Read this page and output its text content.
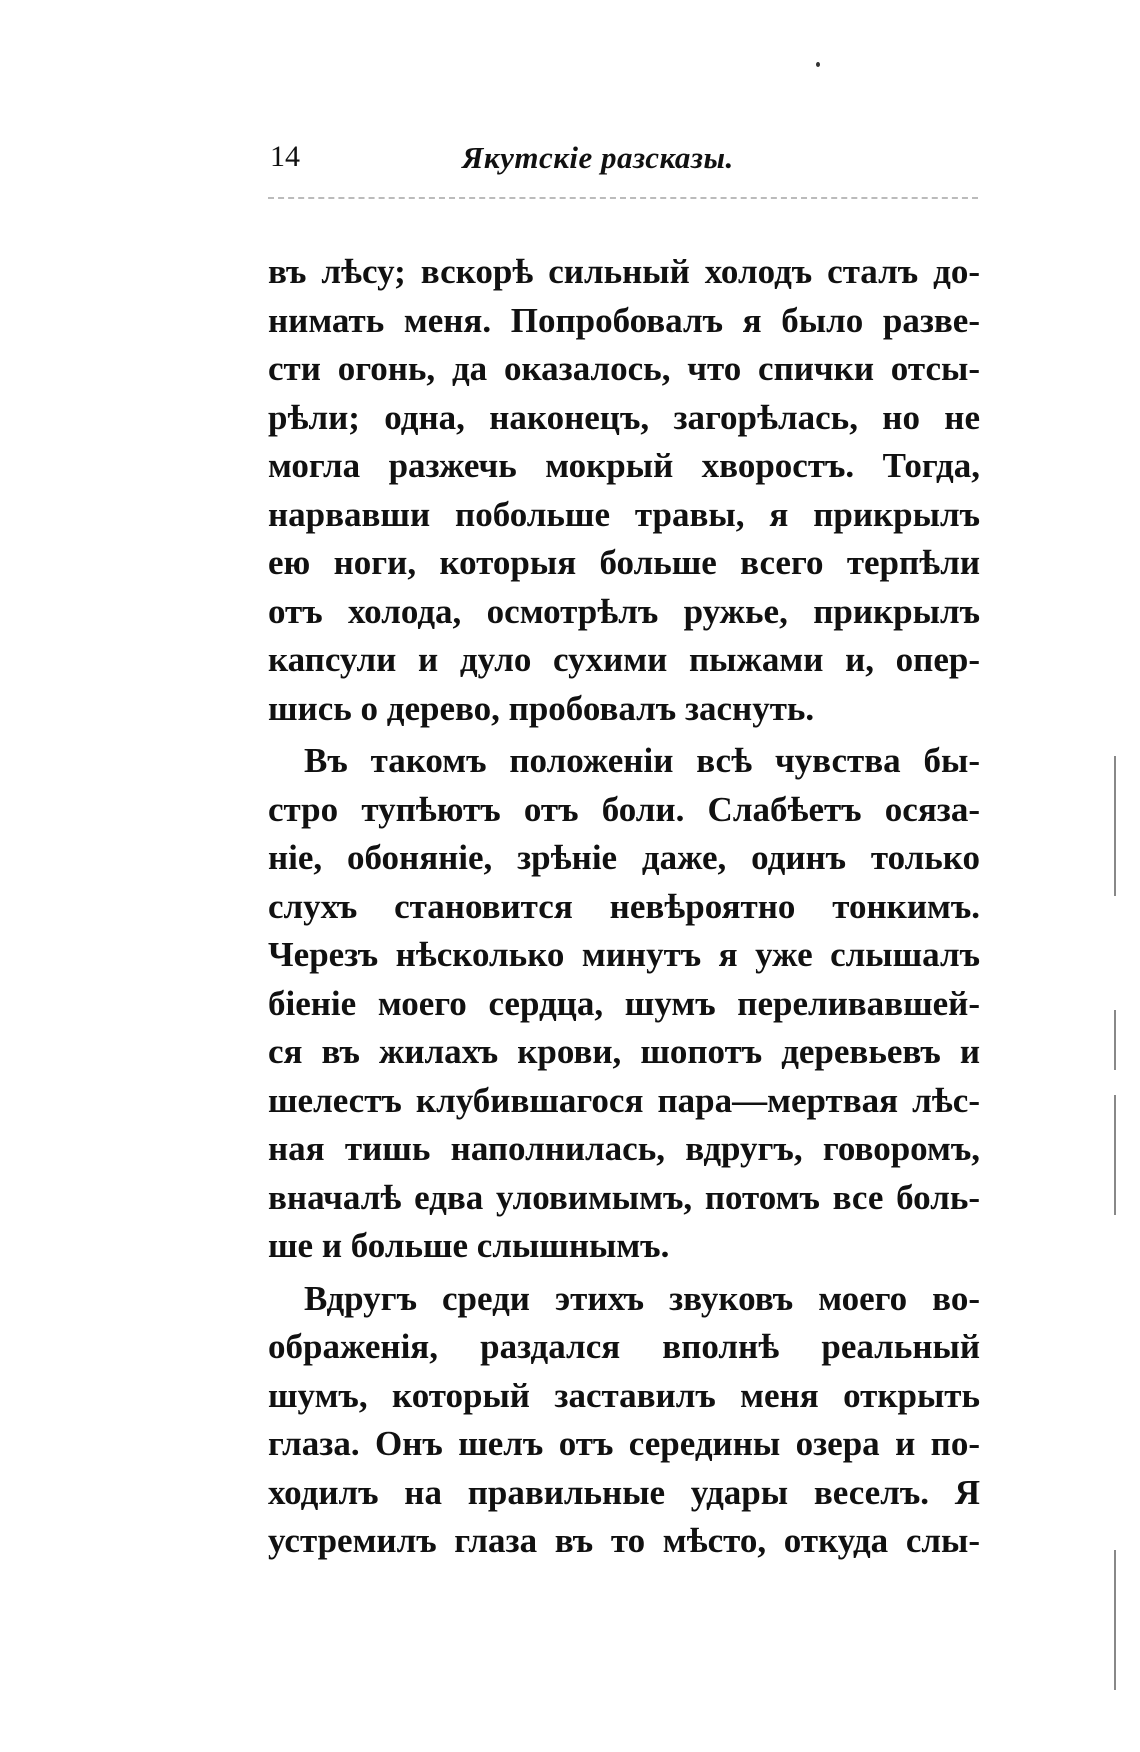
14	Якутскiе разсказы.
въ лѣсу; вскорѣ сильный холодъ сталъ до-
нимать меня. Попробовалъ я было разве-
сти огонь, да оказалось, что спички отсы-
рѣли; одна, наконецъ, загорѣлась, но не
могла разжечь мокрый хворостъ. Тогда,
нарвавши побольше травы, я прикрылъ
ею ноги, которыя больше всего терпѣли
отъ холода, осмотрѣлъ ружье, прикрылъ
капсули и дуло сухими пыжами и, опер-
шись о дерево, пробовалъ заснуть.
Въ такомъ положенiи всѣ чувства бы-
стро тупѣютъ отъ боли. Слабѣетъ осяза-
нiе, обонянiе, зрѣнiе даже, одинъ только
слухъ становится невѣроятно тонкимъ.
Черезъ нѣсколько минутъ я уже слышалъ
бiенiе моего сердца, шумъ переливавшей-
ся въ жилахъ крови, шопотъ деревьевъ и
шелестъ клубившагося пара—мертвая лѣс-
ная тишь наполнилась, вдругъ, говоромъ,
вначалѣ едва уловимымъ, потомъ все боль-
ше и больше слышнымъ.
Вдругъ среди этихъ звуковъ моего во-
ображенiя, раздался вполнѣ реальный
шумъ, который заставилъ меня открыть
глаза. Онъ шелъ отъ середины озера и по-
ходилъ на правильные удары веселъ. Я
устремилъ глаза въ то мѣсто, откуда слы-
